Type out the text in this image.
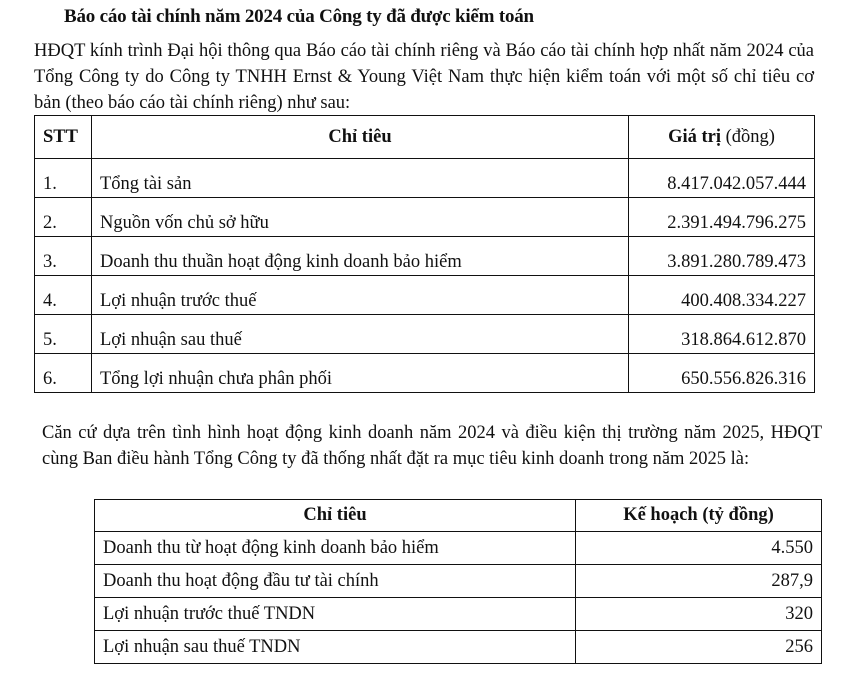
Báo cáo tài chính năm 2024 của Công ty đã được kiểm toán
HĐQT kính trình Đại hội thông qua Báo cáo tài chính riêng và Báo cáo tài chính hợp nhất năm 2024 của Tổng Công ty do Công ty TNHH Ernst & Young Việt Nam thực hiện kiểm toán với một số chỉ tiêu cơ bản (theo báo cáo tài chính riêng) như sau:
STT	Chỉ tiêu	Giá trị (đồng)
1.	Tổng tài sản	8.417.042.057.444
2.	Nguồn vốn chủ sở hữu	2.391.494.796.275
3.	Doanh thu thuần hoạt động kinh doanh bảo hiểm	3.891.280.789.473
4.	Lợi nhuận trước thuế	400.408.334.227
5.	Lợi nhuận sau thuế	318.864.612.870
6.	Tổng lợi nhuận chưa phân phối	650.556.826.316
Căn cứ dựa trên tình hình hoạt động kinh doanh năm 2024 và điều kiện thị trường năm 2025, HĐQT cùng Ban điều hành Tổng Công ty đã thống nhất đặt ra mục tiêu kinh doanh trong năm 2025 là:
Chỉ tiêu	Kế hoạch (tỷ đồng)
Doanh thu từ hoạt động kinh doanh bảo hiểm	4.550
Doanh thu hoạt động đầu tư tài chính	287,9
Lợi nhuận trước thuế TNDN	320
Lợi nhuận sau thuế TNDN	256
